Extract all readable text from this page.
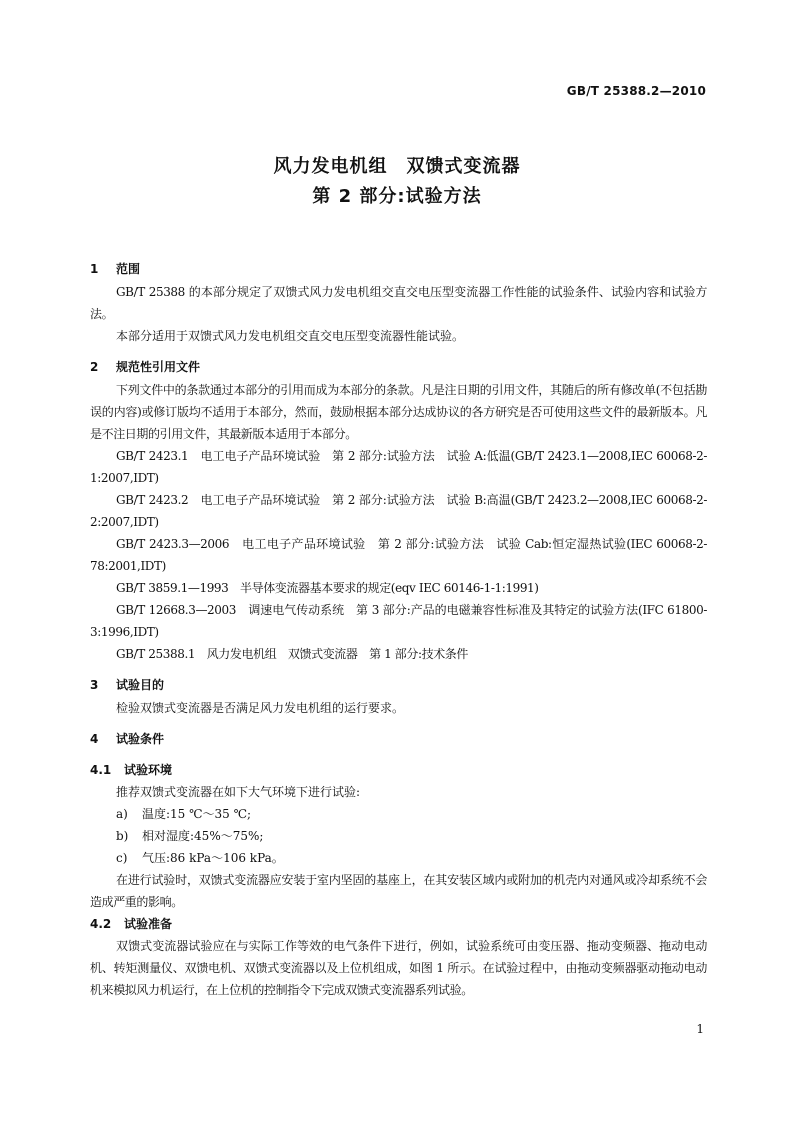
GB/T 25388.2—2010
风力发电机组　双馈式变流器
第 2 部分:试验方法
1 范围

GB/T 25388 的本部分规定了双馈式风力发电机组交直交电压型变流器工作性能的试验条件、试验内容和试验方法。

本部分适用于双馈式风力发电机组交直交电压型变流器性能试验。

2 规范性引用文件

下列文件中的条款通过本部分的引用而成为本部分的条款。凡是注日期的引用文件，其随后的所有修改单(不包括勘误的内容)或修订版均不适用于本部分，然而，鼓励根据本部分达成协议的各方研究是否可使用这些文件的最新版本。凡是不注日期的引用文件，其最新版本适用于本部分。

GB/T 2423.1　电工电子产品环境试验　第 2 部分:试验方法　试验 A:低温(GB/T 2423.1—2008,IEC 60068-2-1:2007,IDT)

GB/T 2423.2　电工电子产品环境试验　第 2 部分:试验方法　试验 B:高温(GB/T 2423.2—2008,IEC 60068-2-2:2007,IDT)

GB/T 2423.3—2006　电工电子产品环境试验　第 2 部分:试验方法　试验 Cab:恒定湿热试验(IEC 60068-2-78:2001,IDT)

GB/T 3859.1—1993　半导体变流器基本要求的规定(eqv IEC 60146-1-1:1991)

GB/T 12668.3—2003　调速电气传动系统　第 3 部分:产品的电磁兼容性标准及其特定的试验方法(IFC 61800-3:1996,IDT)

GB/T 25388.1　风力发电机组　双馈式变流器　第 1 部分:技术条件

3 试验目的

检验双馈式变流器是否满足风力发电机组的运行要求。

4 试验条件
4.1 试验环境

推荐双馈式变流器在如下大气环境下进行试验:

a) 温度:15 ℃～35 ℃;
b) 相对湿度:45%～75%;
c) 气压:86 kPa～106 kPa。

在进行试验时，双馈式变流器应安装于室内坚固的基座上，在其安装区域内或附加的机壳内对通风或冷却系统不会造成严重的影响。

4.2 试验准备

双馈式变流器试验应在与实际工作等效的电气条件下进行，例如，试验系统可由变压器、拖动变频器、拖动电动机、转矩测量仪、双馈电机、双馈式变流器以及上位机组成，如图 1 所示。在试验过程中，由拖动变频器驱动拖动电动机来模拟风力机运行，在上位机的控制指令下完成双馈式变流器系列试验。

1
